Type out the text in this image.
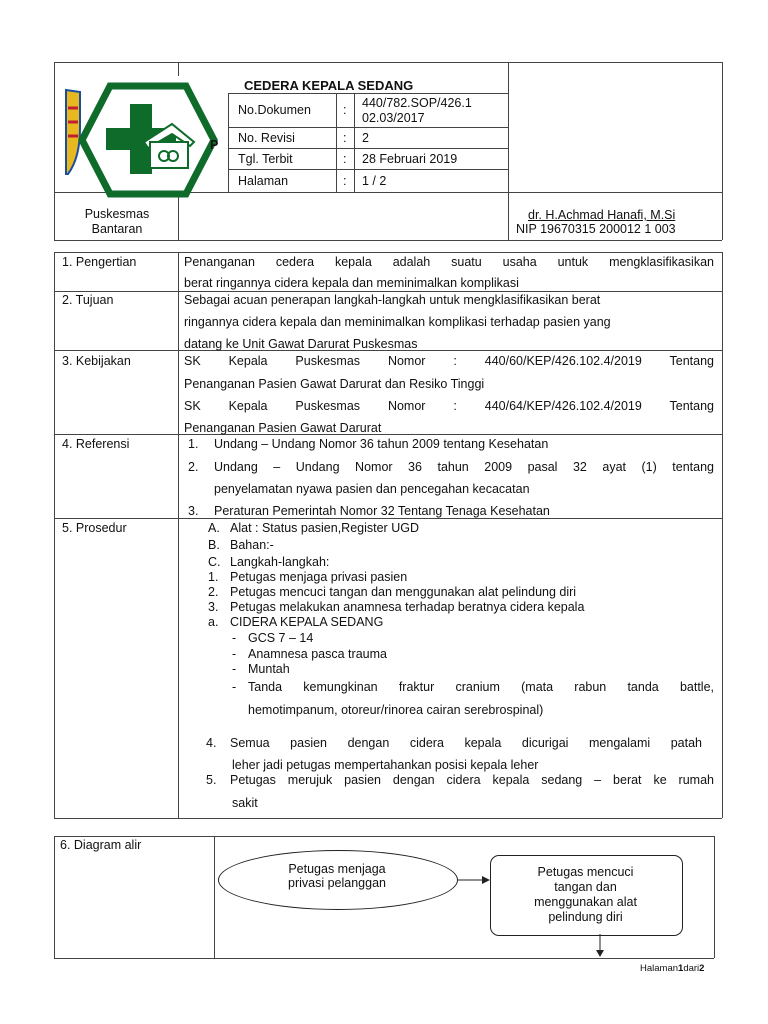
P
CEDERA KEPALA SEDANG
No.Dokumen	: 440/782.SOP/426.1
02.03/2017
No. Revisi	: 2
Tgl. Terbit	: 28 Februari 2019
Halaman	: 1 / 2
Puskesmas
Bantaran
dr. H.Achmad Hanafi, M.Si
NIP 19670315 200012 1 003
1. Pengertian	Penanganan cedera kepala adalah suatu usaha untuk mengklasifikasikan
berat ringannya cidera kepala dan meminimalkan komplikasi
2. Tujuan	Sebagai acuan penerapan langkah-langkah untuk mengklasifikasikan berat
ringannya cidera kepala dan meminimalkan komplikasi terhadap pasien yang
datang ke Unit Gawat Darurat Puskesmas
3. Kebijakan	SK Kepala Puskesmas Nomor : 440/60/KEP/426.102.4/2019 Tentang
Penanganan Pasien Gawat Darurat dan Resiko Tinggi
SK Kepala Puskesmas Nomor : 440/64/KEP/426.102.4/2019 Tentang
Penanganan Pasien Gawat Darurat
4. Referensi	1. Undang – Undang Nomor 36 tahun 2009 tentang Kesehatan
2. Undang – Undang Nomor 36 tahun 2009 pasal 32 ayat (1) tentang
penyelamatan nyawa pasien dan pencegahan kecacatan
3. Peraturan Pemerintah Nomor 32 Tentang Tenaga Kesehatan
5. Prosedur	A. Alat : Status pasien,Register UGD
B. Bahan:-
C. Langkah-langkah:
1. Petugas menjaga privasi pasien
2. Petugas mencuci tangan dan menggunakan alat pelindung diri
3. Petugas melakukan anamnesa terhadap beratnya cidera kepala
a. CIDERA KEPALA SEDANG
- GCS 7 – 14
- Anamnesa pasca trauma
- Muntah
- Tanda kemungkinan fraktur cranium (mata rabun tanda battle,
hemotimpanum, otoreur/rinorea cairan serebrospinal)
4. Semua pasien dengan cidera kepala dicurigai mengalami patah
leher jadi petugas mempertahankan posisi kepala leher
5. Petugas merujuk pasien dengan cidera kepala sedang – berat ke rumah
sakit
6. Diagram alir
Petugas menjaga
privasi pelanggan
Petugas mencuci
tangan dan
menggunakan alat
pelindung diri
Halaman1dari2
